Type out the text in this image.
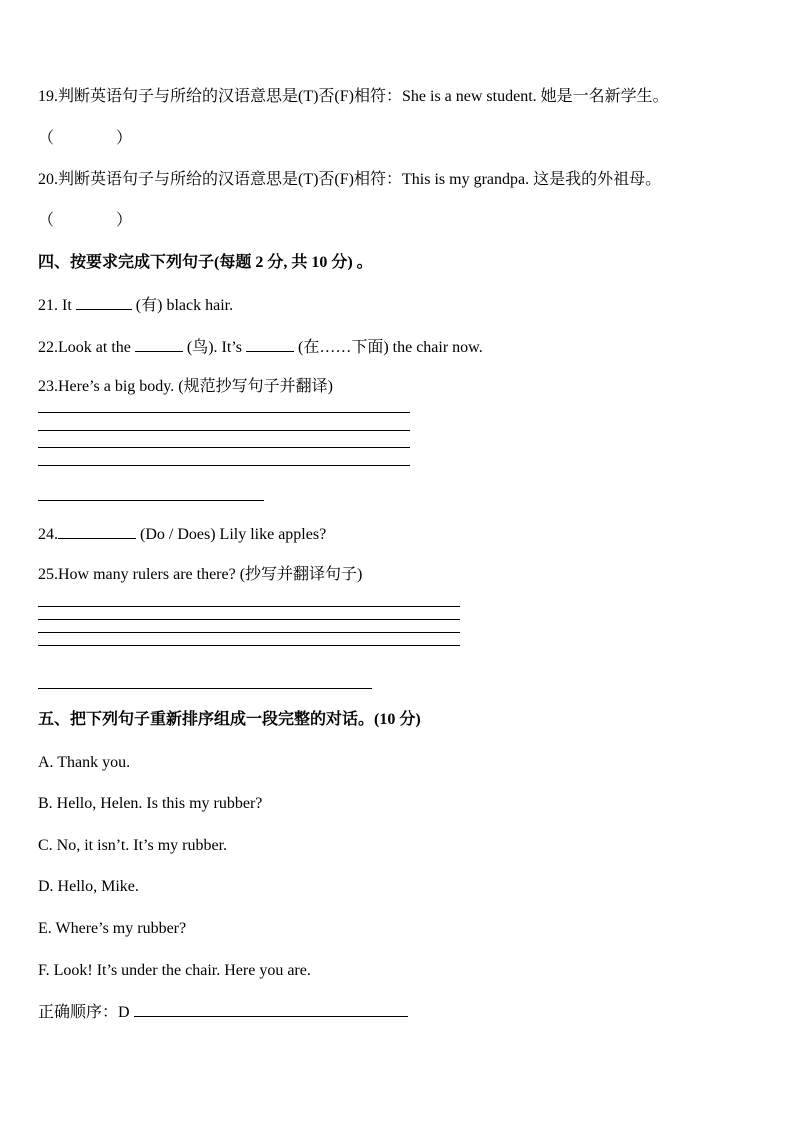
19.判断英语句子与所给的汉语意思是(T)否(F)相符：She is a new student. 她是一名新学生。
（	）
20.判断英语句子与所给的汉语意思是(T)否(F)相符：This is my grandpa. 这是我的外祖母。
（	）
四、按要求完成下列句子(每题 2 分, 共 10 分) 。
21. It	(有) black hair.
22.Look at the	(鸟). It’s	(在……下面) the chair now.
23.Here’s a big body. (规范抄写句子并翻译)
24.	(Do / Does) Lily like apples?
25.How many rulers are there? (抄写并翻译句子)
五、把下列句子重新排序组成一段完整的对话。(10 分)
A. Thank you.
B. Hello, Helen. Is this my rubber?
C. No, it isn’t. It’s my rubber.
D. Hello, Mike.
E. Where’s my rubber?
F. Look! It’s under the chair. Here you are.
正确顺序：D
